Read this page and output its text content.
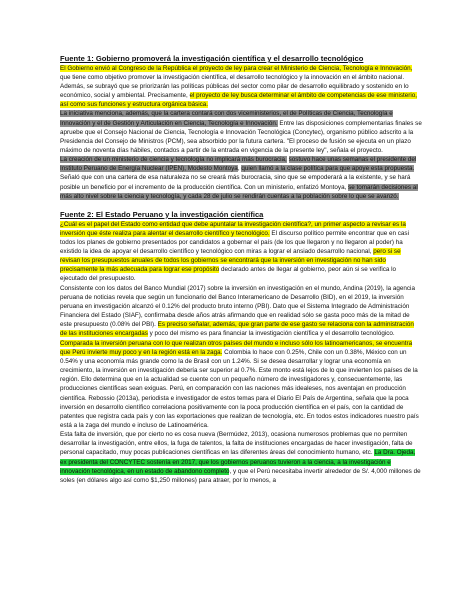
Fuente 1: Gobierno promoverá la investigación científica y el desarrollo tecnológico

El Gobierno envió al Congreso de la República el proyecto de ley para crear el Ministerio de Ciencia, Tecnología e Innovación, que tiene como objetivo promover la investigación científica, el desarrollo tecnológico y la innovación en el ámbito nacional. Además, se subrayó que se priorizarán las políticas públicas del sector como pilar de desarrollo equilibrado y sostenido en lo económico, social y ambiental. Precisamente, el proyecto de ley busca determinar el ámbito de competencias de ese ministerio, así como sus funciones y estructura orgánica básica.

La iniciativa menciona, además, que la cartera contará con dos viceministerios, el de Políticas de Ciencia, Tecnología e Innovación y el de Gestión y Articulación en Ciencia, Tecnología e Innovación. Entre las disposiciones complementarias finales se apruebe que el Consejo Nacional de Ciencia, Tecnología e Innovación Tecnológica (Concytec), organismo público adscrito a la Presidencia del Consejo de Ministros (PCM), sea absorbido por la futura cartera. "El proceso de fusión se ejecuta en un plazo máximo de noventa días hábiles, contados a partir de la entrada en vigencia de la presente ley", señala el proyecto.

La creación de un ministerio de ciencia y tecnología no implicará más burocracia, sostuvo hace unas semanas el presidente del Instituto Peruano de Energía Nuclear (IPEN), Modesto Montoya, quien llamó a la clase política para que apoye esta propuesta. Señaló que con una cartera de esa naturaleza no se creará más burocracia, sino que se empoderará a la existente, y se hará posible un beneficio por el incremento de la producción científica. Con un ministerio, enfatizó Montoya, se tomarán decisiones al más alto nivel sobre la ciencia y tecnología, y cada 28 de julio se rendirán cuentas a la población sobre lo que se avanzó.

Fuente 2: El Estado Peruano y la investigación científica

¿Cuál es el papel del Estado como entidad que debe apuntalar la investigación científica?, un primer aspecto a revisar es la inversión que éste realiza para alentar el desarrollo científico y tecnológico. El discurso político permite encontrar que en casi todos los planes de gobierno presentados por candidatos a gobernar el país (de los que llegaron y no llegaron al poder) ha existido la idea de apoyar el desarrollo científico y tecnológico con miras a lograr el ansiado desarrollo nacional, pero si se revisan los presupuestos anuales de todos los gobiernos se encontrará que la inversión en investigación no han sido precisamente la más adecuada para lograr ese propósito declarado antes de llegar al gobierno, peor aún si se verifica lo ejecutado del presupuesto.

Consistente con los datos del Banco Mundial (2017) sobre la inversión en investigación en el mundo, Andina (2019), la agencia peruana de noticias revela que según un funcionario del Banco Interamericano de Desarrollo (BID), en el 2019, la inversión peruana en investigación alcanzó el 0.12% del producto bruto interno (PBI). Dato que el Sistema Integrado de Administración Financiera del Estado (SIAF), confirmaba desde años atrás afirmando que en realidad sólo se gasta poco más de la mitad de este presupuesto (0.08% del PBI). Es preciso señalar, además, que gran parte de ese gasto se relaciona con la administración de las instituciones encargadas y poco del mismo es para financiar la investigación científica y el desarrollo tecnológico.

Comparada la inversión peruana con lo que realizan otros países del mundo e incluso sólo los latinoamericanos, se encuentra que Perú invierte muy poco y en la región está en la zaga. Colombia lo hace con 0.25%, Chile con un 0.38%, México con un 0.54% y una economía más grande como la de Brasil con un 1.24%. Si se desea desarrollar y lograr una economía en crecimiento, la inversión en investigación debería ser superior al 0.7%. Este monto está lejos de lo que invierten los países de la región. Ello determina que en la actualidad se cuente con un pequeño número de investigadores y, consecuentemente, las producciones científicas sean exiguas. Perú, en comparación con las naciones más idealeses, nos aventajan en producción científica. Rebossio (2013a), periodista e investigador de estos temas para el Diario El País de Argentina, señala que la poca inversión en desarrollo científico correlaciona positivamente con la poca producción científica en el país, con la cantidad de patentes que registra cada país y con las exportaciones que realizan de tecnología, etc. En todos estos indicadores nuestro país está a la zaga del mundo e incluso de Latinoamérica.

Esta falta de inversión, que por cierto no es cosa nueva (Bermúdez, 2013), ocasiona numerosos problemas que no permiten desarrollar la investigación, entre ellos, la fuga de talentos, la falta de instituciones encargadas de hacer investigación, falta de personal capacitado, muy pocas publicaciones científicas en las diferentes áreas del conocimiento humano, etc. La Dra. Ojeda, ex presidenta del CONCYTEC sostenía en 2017, que los gobiernos peruanos tuvieron a la ciencia, a la investigación e innovación tecnológica, en un estado de abandono completo, y que el Perú necesitaba invertir alrededor de S/. 4,000 millones de soles (en dólares algo así como $1,250 millones) para atraer, por lo menos, a
